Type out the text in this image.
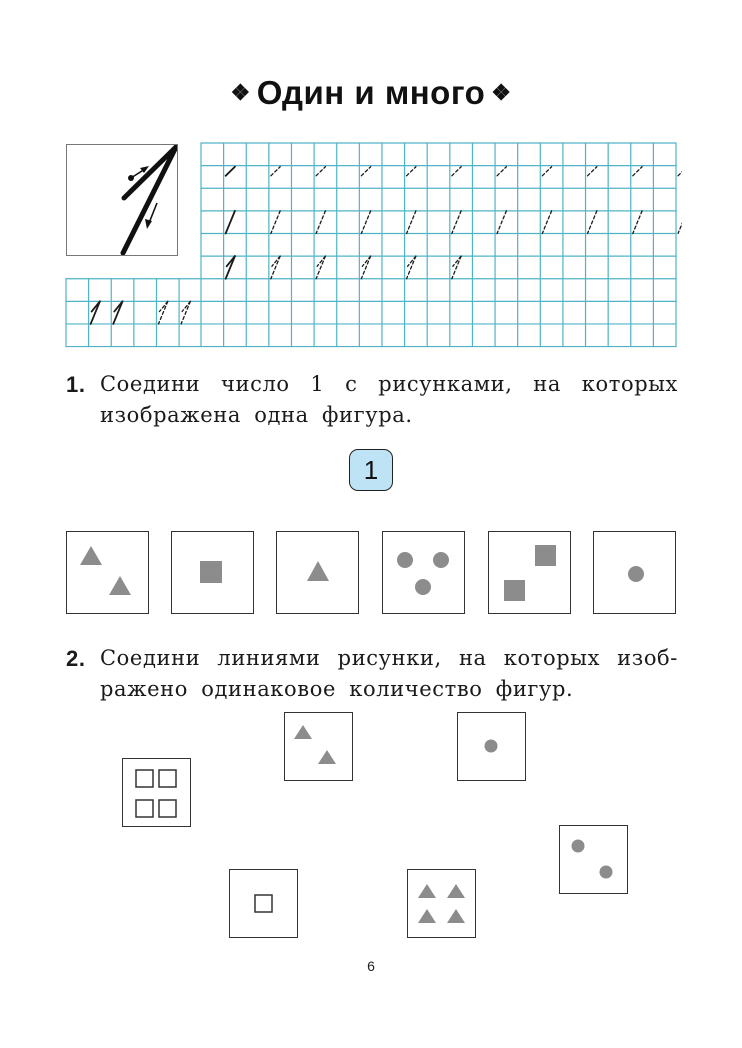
❖ Один и много ❖
1. Соедини число 1 с рисунками, на которых
изображена одна фигура.
1
2. Соедини линиями рисунки, на которых изоб-
ражено одинаковое количество фигур.
6
